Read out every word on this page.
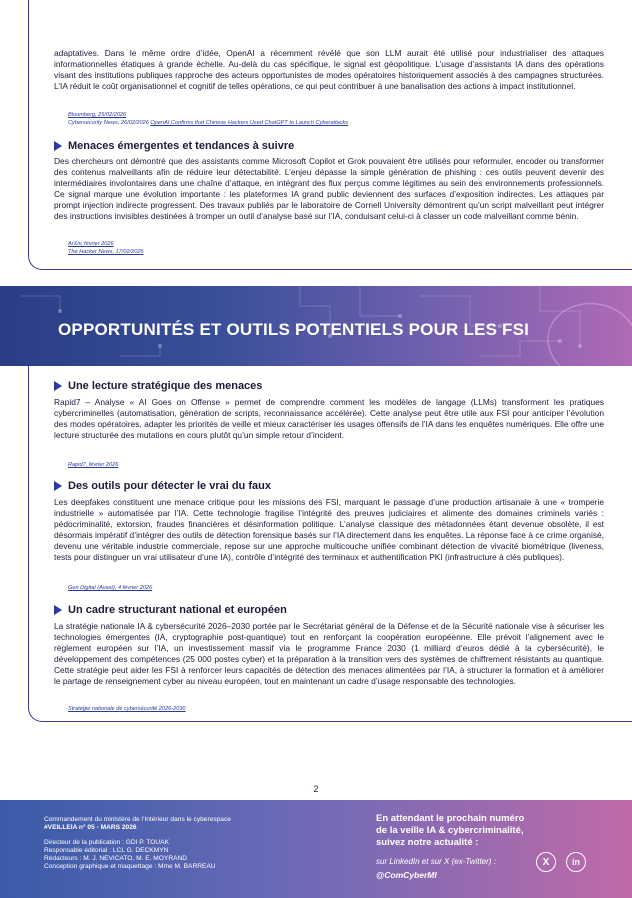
adaptatives. Dans le même ordre d’idée, OpenAI a récemment révélé que son LLM aurait été utilisé pour industrialiser des attaques informationnelles étatiques à grande échelle. Au-delà du cas spécifique, le signal est géopolitique. L’usage d’assistants IA dans des opérations visant des institutions publiques rapproche des acteurs opportunistes de modes opératoires historiquement associés à des campagnes structurées. L’IA réduit le coût organisationnel et cognitif de telles opérations, ce qui peut contribuer à une banalisation des actions à impact institutionnel.

Bloomberg, 25/02/2026
Cybersecurity News, 26/02/2026 OpenAI Confirms that Chinese Hackers Used ChatGPT to Launch Cyberattacks
Menaces émergentes et tendances à suivre

Des chercheurs ont démontré que des assistants comme Microsoft Copilot et Grok pouvaient être utilisés pour reformuler, encoder ou transformer des contenus malveillants afin de réduire leur détectabilité. L’enjeu dépasse la simple génération de phishing : ces outils peuvent devenir des intermédiaires involontaires dans une chaîne d’attaque, en intégrant des flux perçus comme légitimes au sein des environnements professionnels. Ce signal marque une évolution importante : les plateformes IA grand public deviennent des surfaces d’exposition indirectes. Les attaques par prompt injection indirecte progressent. Des travaux publiés par le laboratoire de Cornell University démontrent qu’un script malveillant peut intégrer des instructions invisibles destinées à tromper un outil d’analyse basé sur l’IA, conduisant celui-ci à classer un code malveillant comme bénin.

ArXiv, février 2026
The Hacker News, 17/02/2026
OPPORTUNITÉS ET OUTILS POTENTIELS POUR LES FSI
Une lecture stratégique des menaces

Rapid7 – Analyse « AI Goes on Offense » permet de comprendre comment les modèles de langage (LLMs) transforment les pratiques cybercriminelles (automatisation, génération de scripts, reconnaissance accélérée). Cette analyse peut être utile aux FSI pour anticiper l’évolution des modes opératoires, adapter les priorités de veille et mieux caractériser les usages offensifs de l’IA dans les enquêtes numériques. Elle offre une lecture structurée des mutations en cours plutôt qu’un simple retour d’incident.

Rapid7, février 2026
Des outils pour détecter le vrai du faux

Les deepfakes constituent une menace critique pour les missions des FSI, marquant le passage d’une production artisanale à une « tromperie industrielle » automatisée par l’IA. Cette technologie fragilise l’intégrité des preuves judiciaires et alimente des domaines criminels variés : pédocriminalité, extorsion, fraudes financières et désinformation politique. L’analyse classique des métadonnées étant devenue obsolète, il est désormais impératif d’intégrer des outils de détection forensique basés sur l’IA directement dans les enquêtes. La réponse face à ce crime organisé, devenu une véritable industrie commerciale, repose sur une approche multicouche unifiée combinant détection de vivacité biométrique (liveness, tests pour distinguer un vrai utilisateur d’une IA), contrôle d’intégrité des terminaux et authentification PKI (infrastructure à clés publiques).

Gen Digital (Avast), 4 février 2026
Un cadre structurant national et européen

La stratégie nationale IA & cybersécurité 2026–2030 portée par le Secrétariat général de la Défense et de la Sécurité nationale vise à sécuriser les technologies émergentes (IA, cryptographie post-quantique) tout en renforçant la coopération européenne. Elle prévoit l’alignement avec le règlement européen sur l’IA, un investissement massif via le programme France 2030 (1 milliard d’euros dédié à la cybersécurité), le développement des compétences (25 000 postes cyber) et la préparation à la transition vers des systèmes de chiffrement résistants au quantique. Cette stratégie peut aider les FSI à renforcer leurs capacités de détection des menaces alimentées par l’IA, à structurer la formation et à améliorer le partage de renseignement cyber au niveau européen, tout en maintenant un cadre d’usage responsable des technologies.

Stratégie nationale de cybersécurité 2026-2030
2
Commandement du ministère de l’Intérieur dans le cyberespace
#VEILLEIA n° 05 - MARS 2026
Directeur de la publication : GDI P. TOUAK
Responsable éditorial : LCL G. DECKMYN
Rédacteurs : M. J. NEVICATO, M. E. MOYRAND
Conception graphique et maquettage : Mme M. BARREAU
En attendant le prochain numéro
de la veille IA & cybercriminalité,
suivez notre actualité :
sur LinkedIn et sur X (ex-Twitter) :
@ComCyberMI
X	in
